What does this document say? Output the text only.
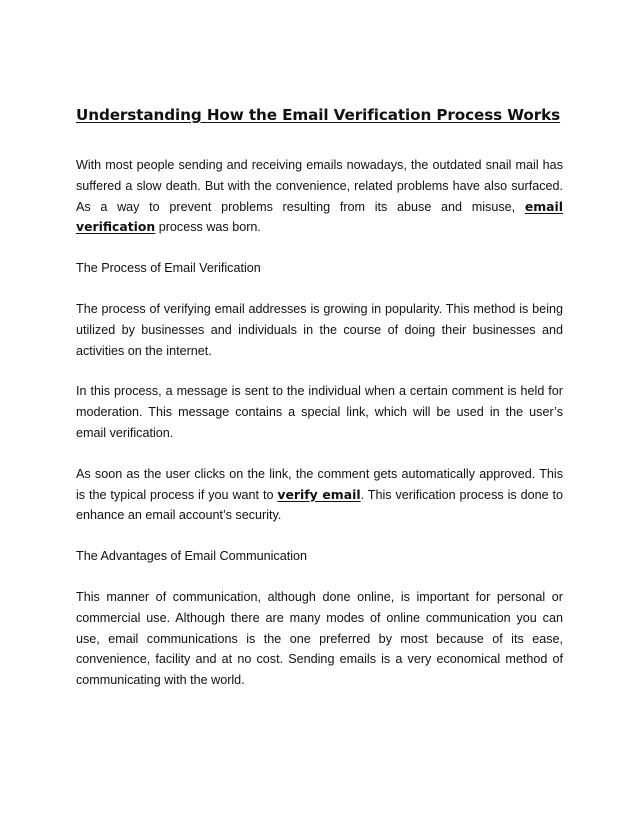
Understanding How the Email Verification Process Works

With most people sending and receiving emails nowadays, the outdated snail mail has suffered a slow death. But with the convenience, related problems have also surfaced. As a way to prevent problems resulting from its abuse and misuse, email verification process was born.

The Process of Email Verification

The process of verifying email addresses is growing in popularity. This method is being utilized by businesses and individuals in the course of doing their businesses and activities on the internet.

In this process, a message is sent to the individual when a certain comment is held for moderation. This message contains a special link, which will be used in the user’s email verification.

As soon as the user clicks on the link, the comment gets automatically approved. This is the typical process if you want to verify email. This verification process is done to enhance an email account’s security.

The Advantages of Email Communication

This manner of communication, although done online, is important for personal or commercial use. Although there are many modes of online communication you can use, email communications is the one preferred by most because of its ease, convenience, facility and at no cost. Sending emails is a very economical method of communicating with the world.
